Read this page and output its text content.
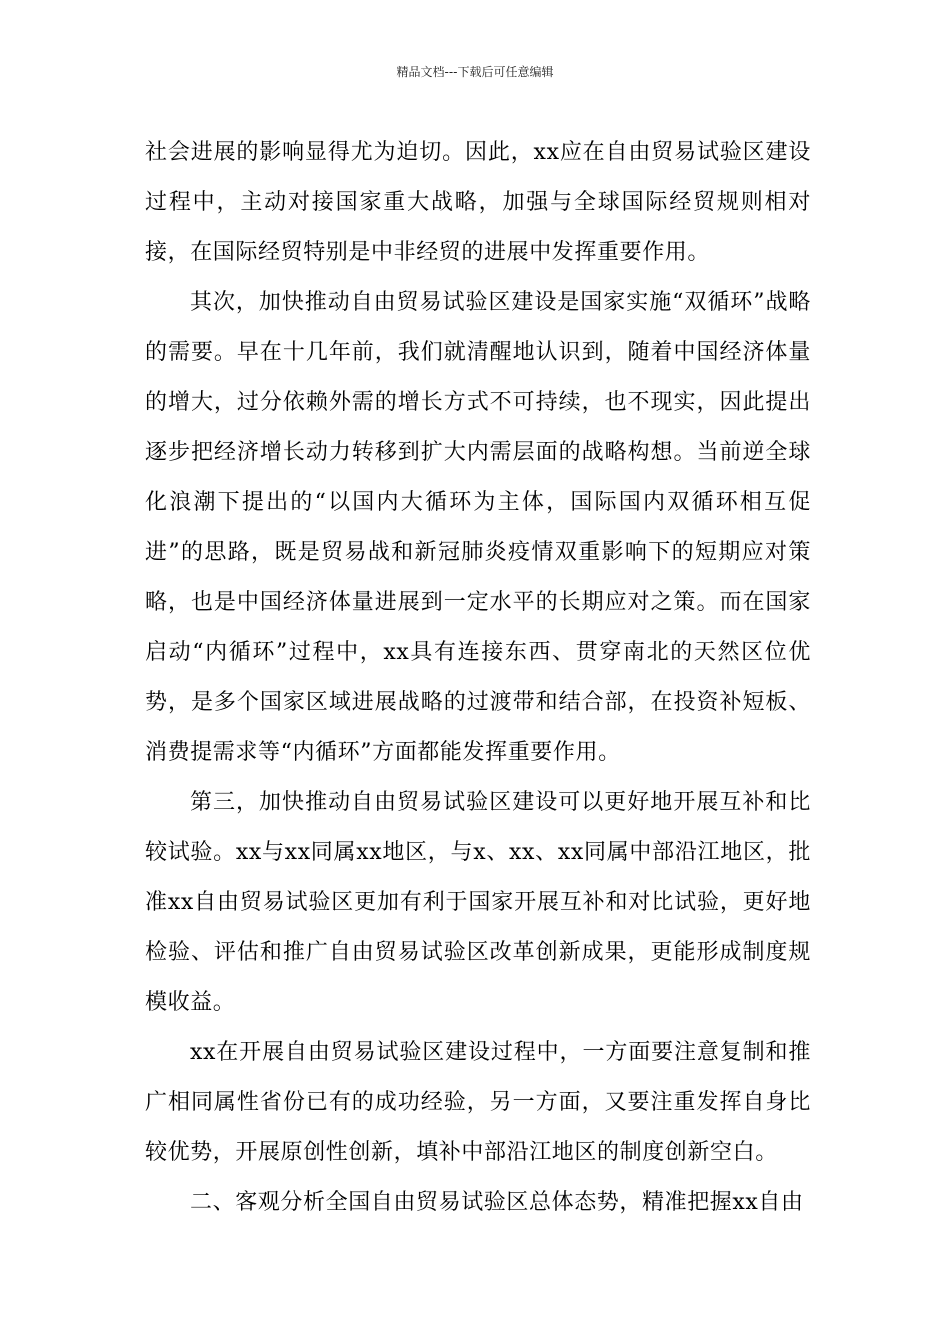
精品文档---下载后可任意编辑

社会进展的影响显得尤为迫切。因此，xx应在自由贸易试验区建设过程中，主动对接国家重大战略，加强与全球国际经贸规则相对接，在国际经贸特别是中非经贸的进展中发挥重要作用。

其次，加快推动自由贸易试验区建设是国家实施“双循环”战略的需要。早在十几年前，我们就清醒地认识到，随着中国经济体量的增大，过分依赖外需的增长方式不可持续，也不现实，因此提出逐步把经济增长动力转移到扩大内需层面的战略构想。当前逆全球化浪潮下提出的“以国内大循环为主体，国际国内双循环相互促进”的思路，既是贸易战和新冠肺炎疫情双重影响下的短期应对策略，也是中国经济体量进展到一定水平的长期应对之策。而在国家启动“内循环”过程中，xx具有连接东西、贯穿南北的天然区位优势，是多个国家区域进展战略的过渡带和结合部，在投资补短板、消费提需求等“内循环”方面都能发挥重要作用。

第三，加快推动自由贸易试验区建设可以更好地开展互补和比较试验。xx与xx同属xx地区，与x、xx、xx同属中部沿江地区，批准xx自由贸易试验区更加有利于国家开展互补和对比试验，更好地检验、评估和推广自由贸易试验区改革创新成果，更能形成制度规模收益。

xx在开展自由贸易试验区建设过程中，一方面要注意复制和推广相同属性省份已有的成功经验，另一方面，又要注重发挥自身比较优势，开展原创性创新，填补中部沿江地区的制度创新空白。

二、客观分析全国自由贸易试验区总体态势，精准把握xx自由
